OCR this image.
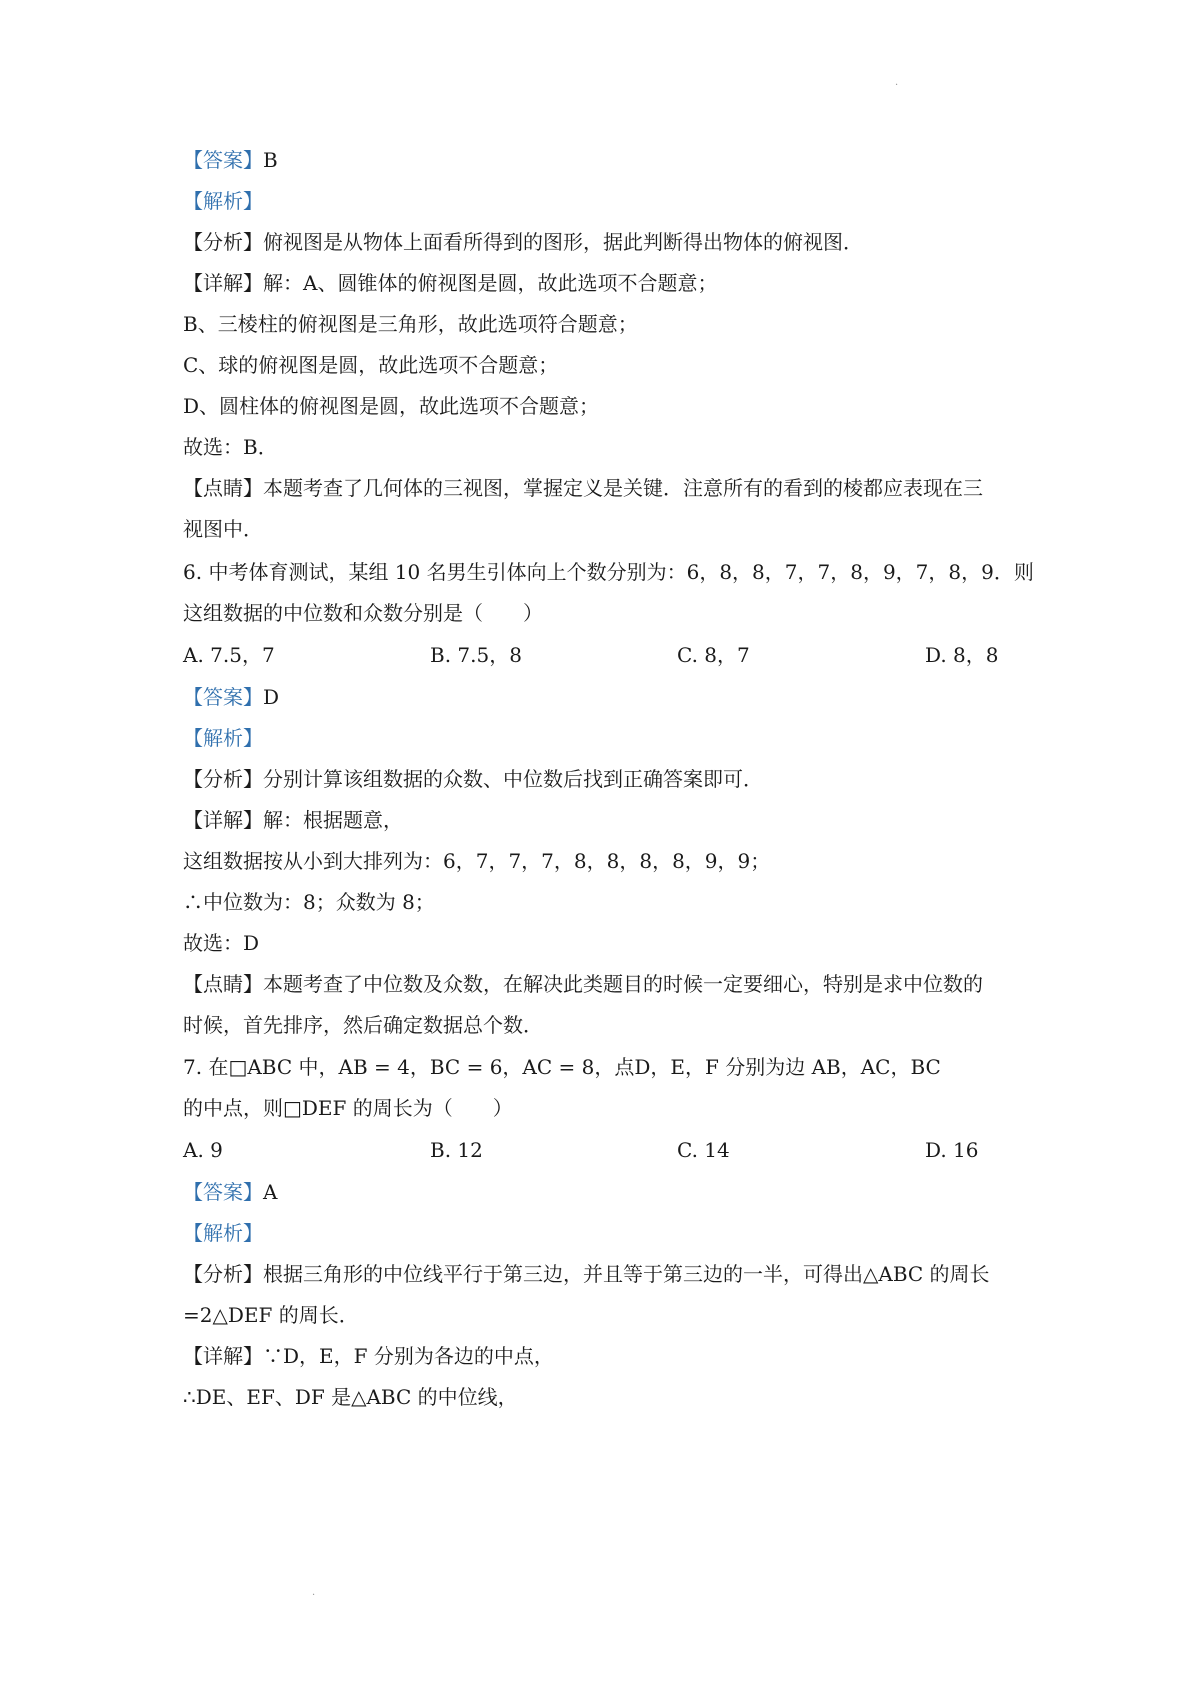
·
【答案】B
【解析】
【分析】俯视图是从物体上面看所得到的图形，据此判断得出物体的俯视图．
【详解】解：A、圆锥体的俯视图是圆，故此选项不合题意；
B、三棱柱的俯视图是三角形，故此选项符合题意；
C、球的俯视图是圆，故此选项不合题意；
D、圆柱体的俯视图是圆，故此选项不合题意；
故选：B．
【点睛】本题考查了几何体的三视图，掌握定义是关键．注意所有的看到的棱都应表现在三
视图中．
6. 中考体育测试，某组 10 名男生引体向上个数分别为：6，8，8，7，7，8，9，7，8，9．则
这组数据的中位数和众数分别是（　　）
A. 7.5，7	B. 7.5，8	C. 8，7	D. 8，8
【答案】D
【解析】
【分析】分别计算该组数据的众数、中位数后找到正确答案即可．
【详解】解：根据题意，
这组数据按从小到大排列为：6，7，7，7，8，8，8，8，9，9；
∴中位数为：8；众数为 8；
故选：D
【点睛】本题考查了中位数及众数，在解决此类题目的时候一定要细心，特别是求中位数的
时候，首先排序，然后确定数据总个数．
7. 在□ABC 中，AB = 4，BC = 6，AC = 8，点D，E，F 分别为边 AB，AC，BC
的中点，则□DEF 的周长为（　　）
A. 9	B. 12	C. 14	D. 16
【答案】A
【解析】
【分析】根据三角形的中位线平行于第三边，并且等于第三边的一半，可得出△ABC 的周长
=2△DEF 的周长．
【详解】∵D，E，F 分别为各边的中点，
∴DE、EF、DF 是△ABC 的中位线，
·
